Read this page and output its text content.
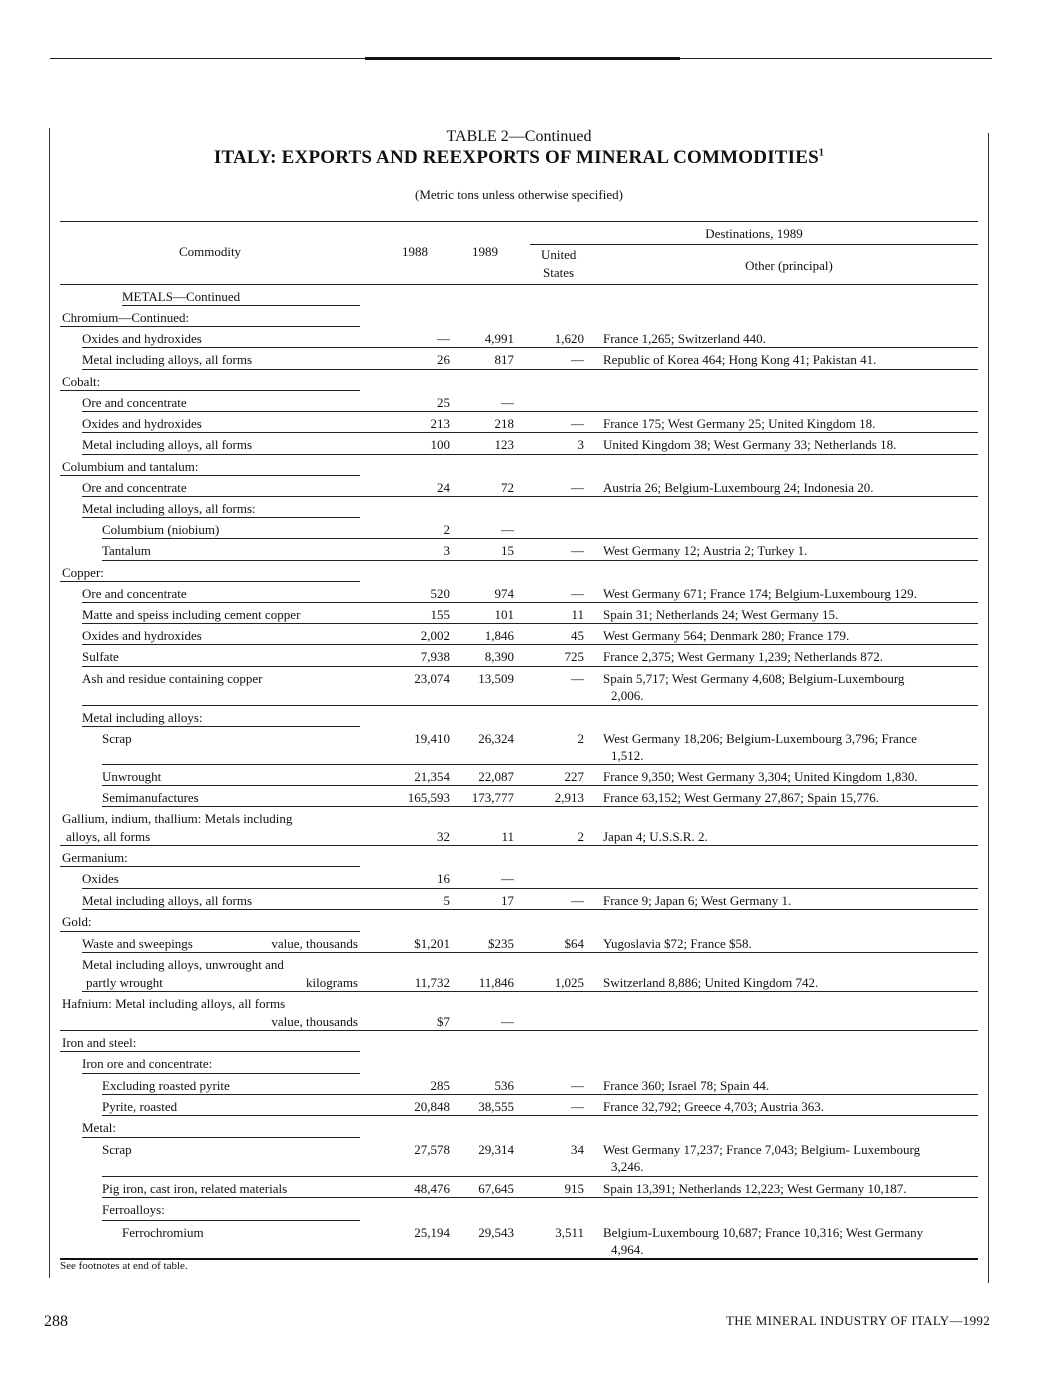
TABLE 2—Continued
ITALY: EXPORTS AND REEXPORTS OF MINERAL COMMODITIES$^1$
(Metric tons unless otherwise specified)
Commodity	1988	1989
Destinations, 1989
United
States	Other (principal)
METALS—Continued
Chromium—Continued:
Oxides and hydroxides	—	4,991	1,620 France 1,265; Switzerland 440.
Metal including alloys, all forms	26	817	— Republic of Korea 464; Hong Kong 41; Pakistan 41.
Cobalt:
Ore and concentrate	25	—
Oxides and hydroxides	213	218	— France 175; West Germany 25; United Kingdom 18.
Metal including alloys, all forms	100	123	3 United Kingdom 38; West Germany 33; Netherlands 18.
Columbium and tantalum:
Ore and concentrate	24	72	— Austria 26; Belgium-Luxembourg 24; Indonesia 20.
Metal including alloys, all forms:
Columbium (niobium)	2	—
Tantalum	3	15	— West Germany 12; Austria 2; Turkey 1.
Copper:
Ore and concentrate	520	974	— West Germany 671; France 174; Belgium-Luxembourg 129.
Matte and speiss including cement copper	155	101	11 Spain 31; Netherlands 24; West Germany 15.
Oxides and hydroxides	2,002	1,846	45 West Germany 564; Denmark 280; France 179.
Sulfate	7,938	8,390	725 France 2,375; West Germany 1,239; Netherlands 872.
Ash and residue containing copper	23,074 13,509	— Spain 5,717; West Germany 4,608; Belgium-Luxembourg
2,006.
Metal including alloys:
Scrap	19,410 26,324	2 West Germany 18,206; Belgium-Luxembourg 3,796; France
1,512.
Unwrought	21,354 22,087	227 France 9,350; West Germany 3,304; United Kingdom 1,830.
Semimanufactures	165,593 173,777	2,913 France 63,152; West Germany 27,867; Spain 15,776.
Gallium, indium, thallium: Metals including
alloys, all forms	32	11	2 Japan 4; U.S.S.R. 2.
Germanium:
Oxides	16	—
Metal including alloys, all forms	5	17	— France 9; Japan 6; West Germany 1.
Gold:
Waste and sweepings	value, thousands	$1,201	$235	$64 Yugoslavia $72; France $58.
Metal including alloys, unwrought and
partly wrought	kilograms	11,732 11,846	1,025 Switzerland 8,886; United Kingdom 742.
Hafnium: Metal including alloys, all forms
value, thousands	$7	—
Iron and steel:
Iron ore and concentrate:
Excluding roasted pyrite	285	536	— France 360; Israel 78; Spain 44.
Pyrite, roasted	20,848 38,555	— France 32,792; Greece 4,703; Austria 363.
Metal:
Scrap	27,578 29,314	34 West Germany 17,237; France 7,043; Belgium- Luxembourg
3,246.
Pig iron, cast iron, related materials	48,476 67,645	915 Spain 13,391; Netherlands 12,223; West Germany 10,187.
Ferroalloys:
Ferrochromium	25,194 29,543	3,511 Belgium-Luxembourg 10,687; France 10,316; West Germany
4,964.
See footnotes at end of table.
288	THE MINERAL INDUSTRY OF ITALY—1992
